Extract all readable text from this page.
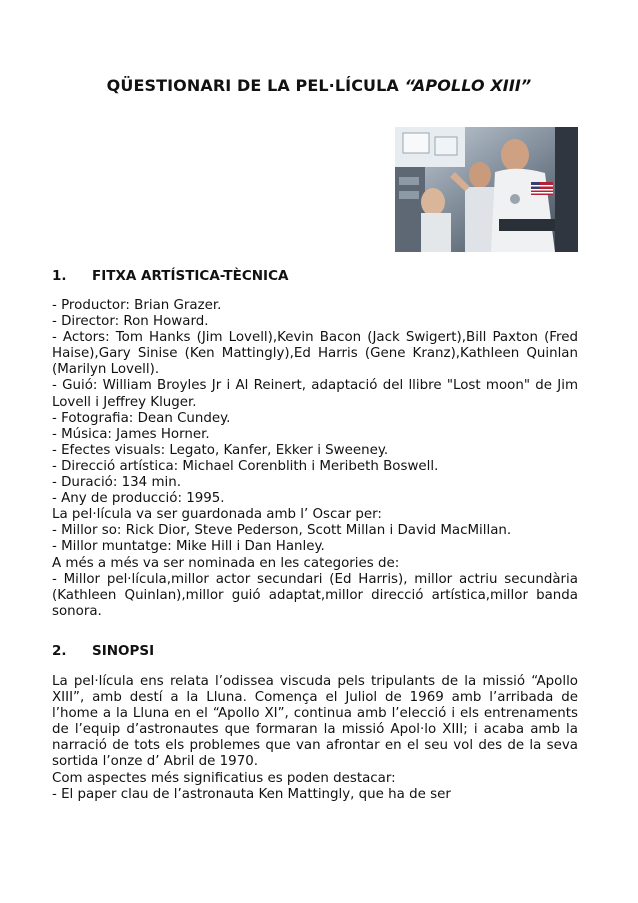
QÜESTIONARI DE LA PEL·LÍCULA “APOLLO XIII”
1. FITXA ARTÍSTICA-TÈCNICA

- Productor: Brian Grazer.

- Director: Ron Howard.

- Actors: Tom Hanks (Jim Lovell),Kevin Bacon (Jack Swigert),Bill Paxton (Fred Haise),Gary Sinise (Ken Mattingly),Ed Harris (Gene Kranz),Kathleen Quinlan (Marilyn Lovell).

- Guió: William Broyles Jr i Al Reinert, adaptació del llibre "Lost moon" de Jim Lovell i Jeffrey Kluger.

- Fotografia: Dean Cundey.

- Música: James Horner.

- Efectes visuals: Legato, Kanfer, Ekker i Sweeney.

- Direcció artística: Michael Corenblith i Meribeth Boswell.

- Duració: 134 min.

- Any de producció: 1995.

La pel·lícula va ser guardonada amb l’ Oscar per:

- Millor so: Rick Dior, Steve Pederson, Scott Millan i David MacMillan.

- Millor muntatge: Mike Hill i Dan Hanley.

A més a més va ser nominada en les categories de:

- Millor pel·lícula,millor actor secundari (Ed Harris), millor actriu secundària (Kathleen Quinlan),millor guió adaptat,millor direcció artística,millor banda sonora.

2. SINOPSI

La pel·lícula ens relata l’odissea viscuda pels tripulants de la missió “Apollo XIII”, amb destí a la Lluna. Comença el Juliol de 1969 amb l’arribada de l’home a la Lluna en el “Apollo XI”, continua amb l’elecció i els entrenaments de l’equip d’astronautes que formaran la missió Apol·lo XIII; i acaba amb la narració de tots els problemes que van afrontar en el seu vol des de la seva sortida l’onze d’ Abril de 1970.

Com aspectes més significatius es poden destacar:

- El paper clau de l’astronauta Ken Mattingly, que ha de ser
